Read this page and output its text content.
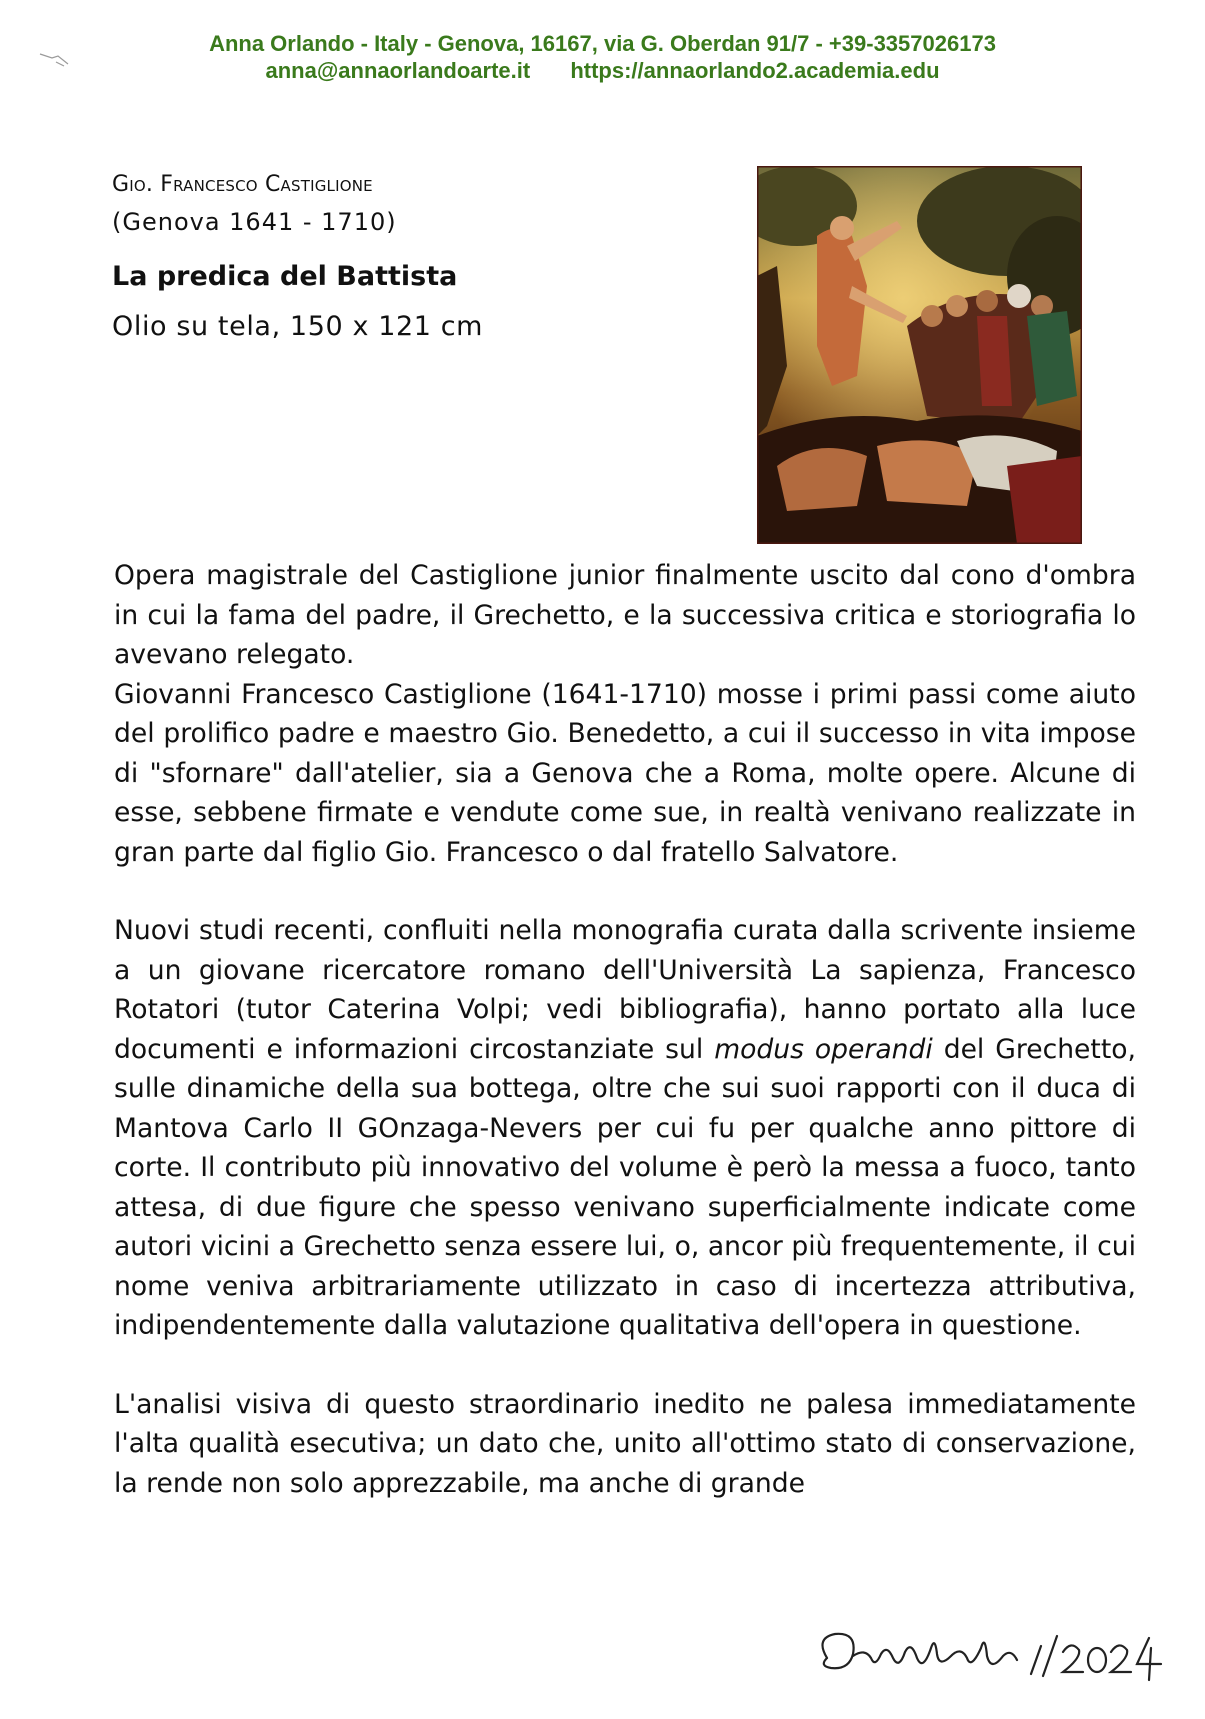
Anna Orlando - Italy - Genova, 16167, via G. Oberdan 91/7 - +39-3357026173
anna@annaorlandoarte.it https://annaorlando2.academia.edu
Gio. Francesco Castiglione
(Genova 1641 - 1710)
La predica del Battista
Olio su tela, 150 x 121 cm

Opera magistrale del Castiglione junior finalmente uscito dal cono d'ombra in cui la fama del padre, il Grechetto, e la successiva critica e storiografia lo avevano relegato.

Giovanni Francesco Castiglione (1641-1710) mosse i primi passi come aiuto del prolifico padre e maestro Gio. Benedetto, a cui il successo in vita impose di "sfornare" dall'atelier, sia a Genova che a Roma, molte opere. Alcune di esse, sebbene firmate e vendute come sue, in realtà venivano realizzate in gran parte dal figlio Gio. Francesco o dal fratello Salvatore.

Nuovi studi recenti, confluiti nella monografia curata dalla scrivente insieme a un giovane ricercatore romano dell'Università La sapienza, Francesco Rotatori (tutor Caterina Volpi; vedi bibliografia), hanno portato alla luce documenti e informazioni circostanziate sul modus operandi del Grechetto, sulle dinamiche della sua bottega, oltre che sui suoi rapporti con il duca di Mantova Carlo II GOnzaga-Nevers per cui fu per qualche anno pittore di corte. Il contributo più innovativo del volume è però la messa a fuoco, tanto attesa, di due figure che spesso venivano superficialmente indicate come autori vicini a Grechetto senza essere lui, o, ancor più frequentemente, il cui nome veniva arbitrariamente utilizzato in caso di incertezza attributiva, indipendentemente dalla valutazione qualitativa dell'opera in questione.

L'analisi visiva di questo straordinario inedito ne palesa immediatamente l'alta qualità esecutiva; un dato che, unito all'ottimo stato di conservazione, la rende non solo apprezzabile, ma anche di grande
